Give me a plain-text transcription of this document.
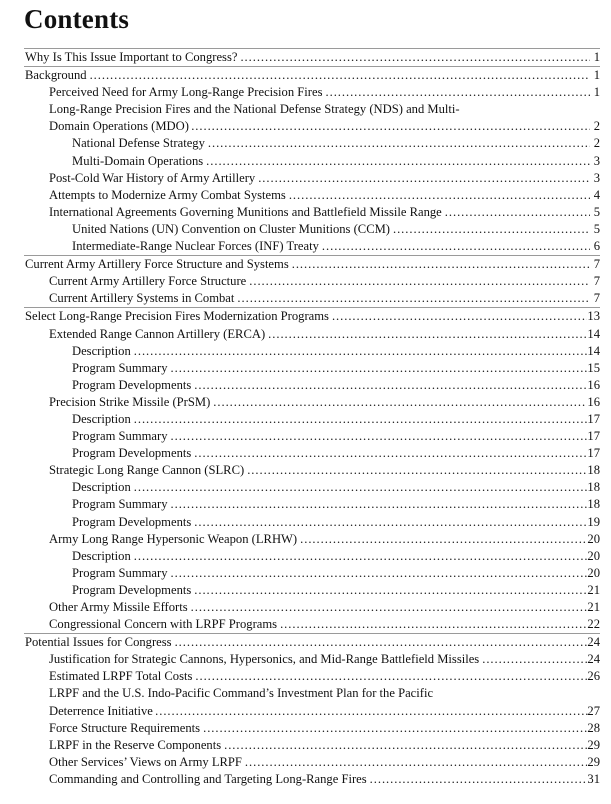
Contents
Why Is This Issue Important to Congress? . . .	1
Background . . .	1
Perceived Need for Army Long-Range Precision Fires . . .	1
Long-Range Precision Fires and the National Defense Strategy (NDS) and Multi-
Domain Operations (MDO) . . .	2
National Defense Strategy . . .	2
Multi-Domain Operations . . .	3
Post-Cold War History of Army Artillery . . .	3
Attempts to Modernize Army Combat Systems . . .	4
International Agreements Governing Munitions and Battlefield Missile Range . . .	5
United Nations (UN) Convention on Cluster Munitions (CCM) . . .	5
Intermediate-Range Nuclear Forces (INF) Treaty . . .	6
Current Army Artillery Force Structure and Systems . . .	7
Current Army Artillery Force Structure . . .	7
Current Artillery Systems in Combat . . .	7
Select Long-Range Precision Fires Modernization Programs . . .	13
Extended Range Cannon Artillery (ERCA) . . .	14
Description . . .	14
Program Summary . . .	15
Program Developments . . .	16
Precision Strike Missile (PrSM) . . .	16
Description . . .	17
Program Summary . . .	17
Program Developments . . .	17
Strategic Long Range Cannon (SLRC) . . .	18
Description . . .	18
Program Summary . . .	18
Program Developments . . .	19
Army Long Range Hypersonic Weapon (LRHW) . . .	20
Description . . .	20
Program Summary . . .	20
Program Developments . . .	21
Other Army Missile Efforts . . .	21
Congressional Concern with LRPF Programs . . .	22
Potential Issues for Congress . . .	24
Justification for Strategic Cannons, Hypersonics, and Mid-Range Battlefield Missiles . . .	24
Estimated LRPF Total Costs . . .	26
LRPF and the U.S. Indo-Pacific Command’s Investment Plan for the Pacific
Deterrence Initiative . . .	27
Force Structure Requirements . . .	28
LRPF in the Reserve Components . . .	29
Other Services’ Views on Army LRPF . . .	29
Commanding and Controlling and Targeting Long-Range Fires . . .	31
